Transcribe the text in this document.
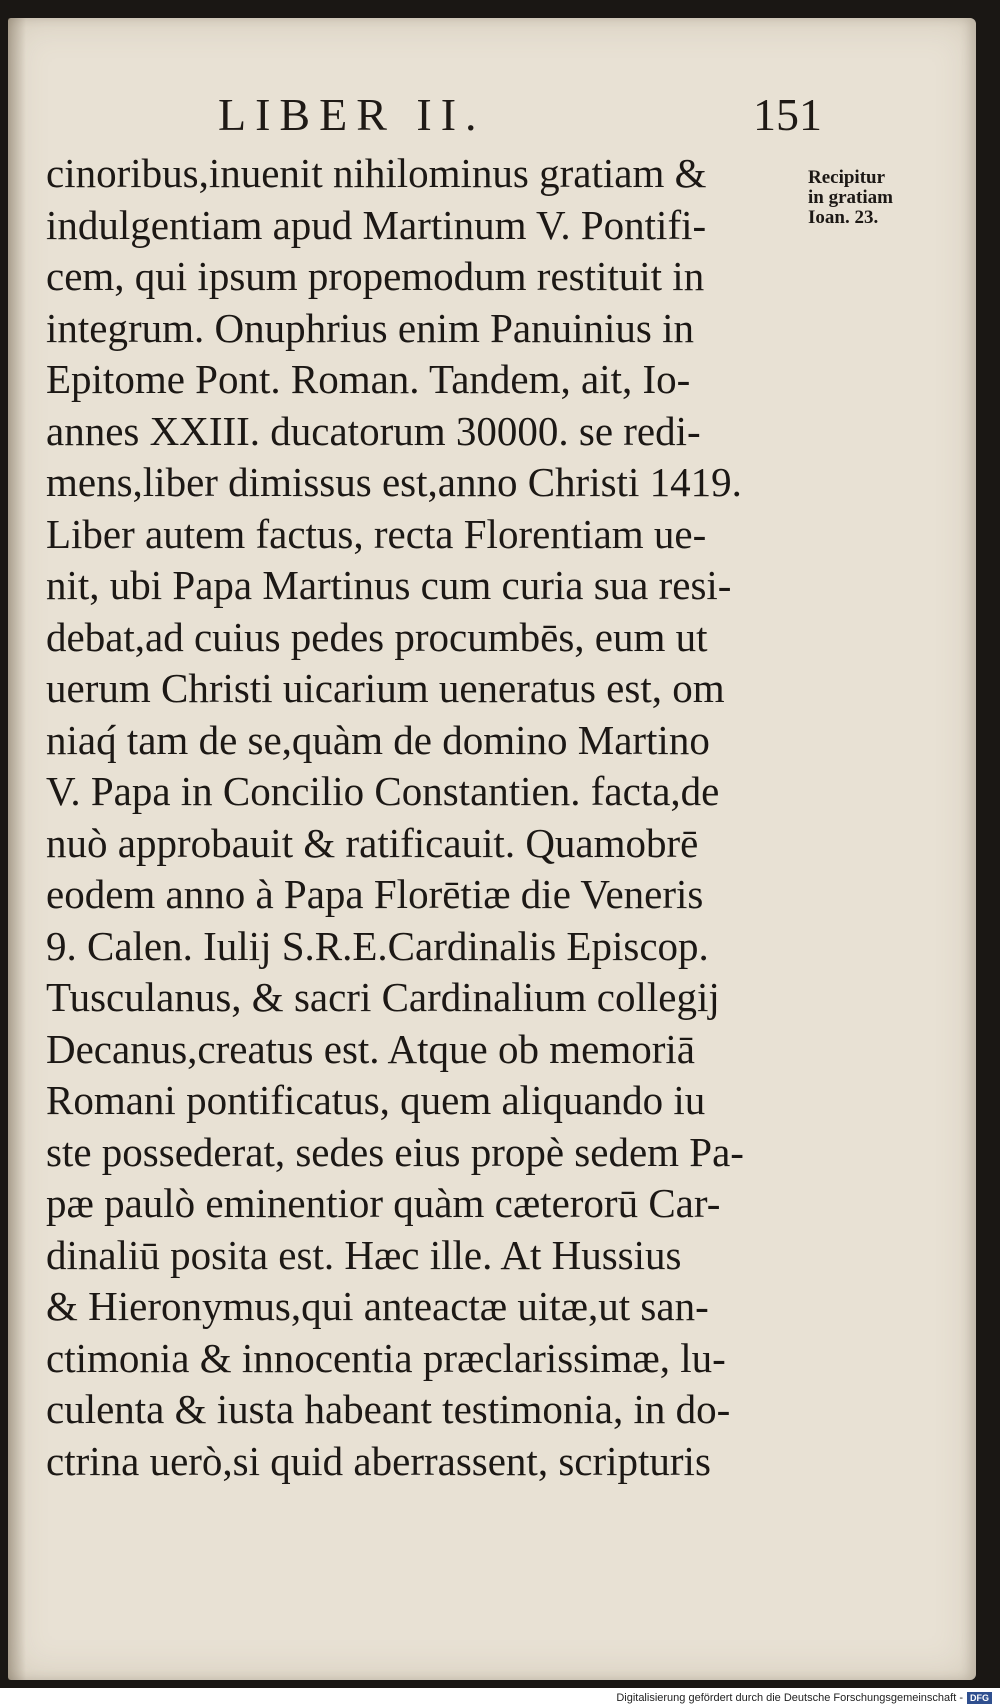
LIBER II.	151
cinoribus,inuenit nihilominus gratiam &
indulgentiam apud Martinum V. Pontifi-
cem, qui ipsum propemodum restituit in
integrum. Onuphrius enim Panuinius in
Epitome Pont. Roman. Tandem, ait, Io-
annes XXIII. ducatorum 30000. se redi-
mens,liber dimissus est,anno Christi 1419.
Liber autem factus, recta Florentiam ue-
nit, ubi Papa Martinus cum curia sua resi-
debat,ad cuius pedes procumbēs, eum ut
uerum Christi uicarium ueneratus est, om
niaq́ tam de se,quàm de domino Martino
V. Papa in Concilio Constantien. facta,de
nuò approbauit & ratificauit. Quamobrē
eodem anno à Papa Florētiæ die Veneris
9. Calen. Iulij S.R.E.Cardinalis Episcop.
Tusculanus, & sacri Cardinalium collegij
Decanus,creatus est. Atque ob memoriā
Romani pontificatus, quem aliquando iu
ste possederat, sedes eius propè sedem Pa-
pæ paulò eminentior quàm cæterorū Car-
dinaliū posita est. Hæc ille. At Hussius
& Hieronymus,qui anteactæ uitæ,ut san-
ctimonia & innocentia præclarissimæ, lu-
culenta & iusta habeant testimonia, in do-
ctrina uerò,si quid aberrassent, scripturis
Recipitur
in gratiam
Ioan. 23.
Digitalisierung gefördert durch die Deutsche Forschungsgemeinschaft - DFG
